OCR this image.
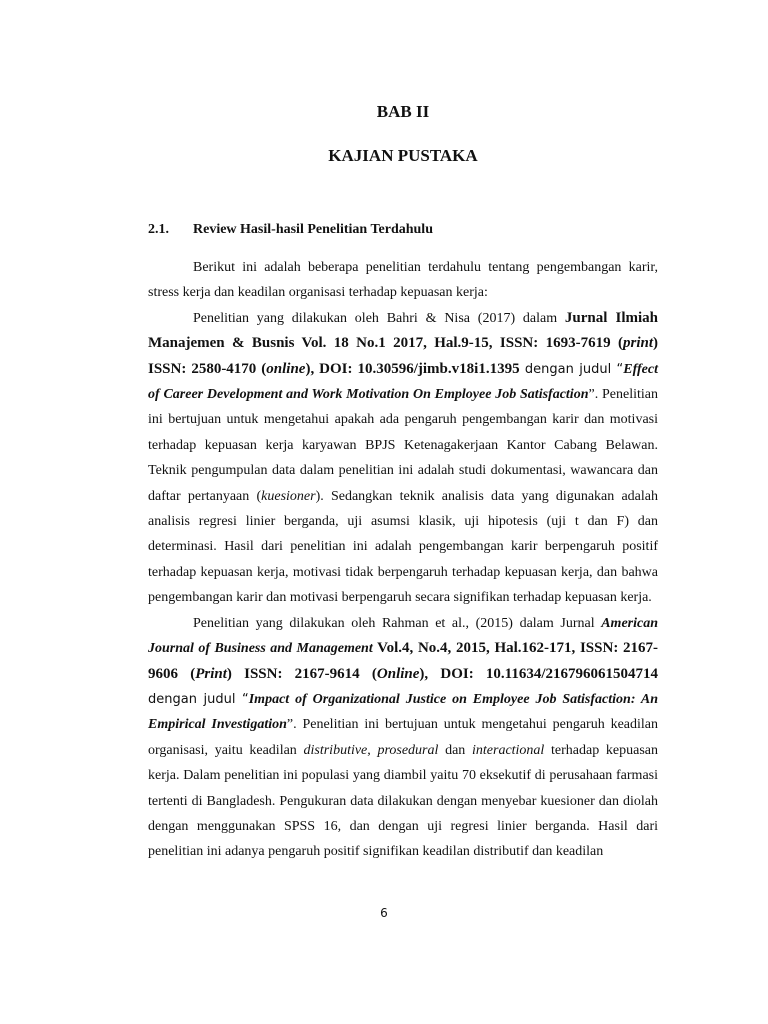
BAB II

KAJIAN PUSTAKA

2.1.	Review Hasil-hasil Penelitian Terdahulu

Berikut ini adalah beberapa penelitian terdahulu tentang pengembangan karir, stress kerja dan keadilan organisasi terhadap kepuasan kerja:

Penelitian yang dilakukan oleh Bahri & Nisa (2017) dalam Jurnal Ilmiah Manajemen & Busnis Vol. 18 No.1 2017, Hal.9-15, ISSN: 1693-7619 (print) ISSN: 2580-4170 (online), DOI: 10.30596/jimb.v18i1.1395 dengan judul “Effect of Career Development and Work Motivation On Employee Job Satisfaction”. Penelitian ini bertujuan untuk mengetahui apakah ada pengaruh pengembangan karir dan motivasi terhadap kepuasan kerja karyawan BPJS Ketenagakerjaan Kantor Cabang Belawan. Teknik pengumpulan data dalam penelitian ini adalah studi dokumentasi, wawancara dan daftar pertanyaan (kuesioner). Sedangkan teknik analisis data yang digunakan adalah analisis regresi linier berganda, uji asumsi klasik, uji hipotesis (uji t dan F) dan determinasi. Hasil dari penelitian ini adalah pengembangan karir berpengaruh positif terhadap kepuasan kerja, motivasi tidak berpengaruh terhadap kepuasan kerja, dan bahwa pengembangan karir dan motivasi berpengaruh secara signifikan terhadap kepuasan kerja.

Penelitian yang dilakukan oleh Rahman et al., (2015) dalam Jurnal American Journal of Business and Management Vol.4, No.4, 2015, Hal.162-171, ISSN: 2167-9606 (Print) ISSN: 2167-9614 (Online), DOI: 10.11634/216796061504714 dengan judul “Impact of Organizational Justice on Employee Job Satisfaction: An Empirical Investigation”. Penelitian ini bertujuan untuk mengetahui pengaruh keadilan organisasi, yaitu keadilan distributive, prosedural dan interactional terhadap kepuasan kerja. Dalam penelitian ini populasi yang diambil yaitu 70 eksekutif di perusahaan farmasi tertenti di Bangladesh. Pengukuran data dilakukan dengan menyebar kuesioner dan diolah dengan menggunakan SPSS 16, dan dengan uji regresi linier berganda. Hasil dari penelitian ini adanya pengaruh positif signifikan keadilan distributif dan keadilan

6
